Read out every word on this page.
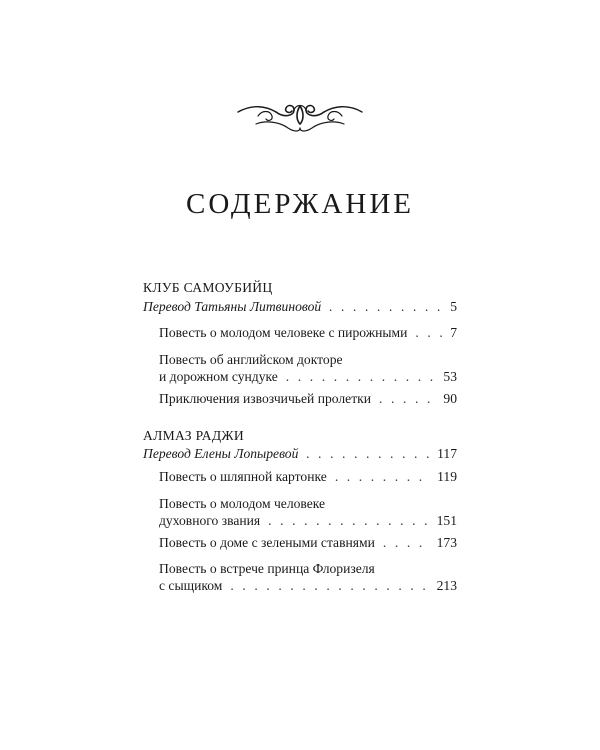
СОДЕРЖАНИЕ
КЛУБ САМОУБИЙЦ
Перевод Татьяны Литвиновой . . .	5
Повесть о молодом человеке с пирожными . . .	7
Повесть об английском докторе
и дорожном сундуке . . .	53
Приключения извозчичьей пролетки . . .	90
АЛМАЗ РАДЖИ
Перевод Елены Лопыревой . . .	117
Повесть о шляпной картонке . . .	119
Повесть о молодом человеке
духовного звания . . .	151
Повесть о доме с зелеными ставнями . . .	173
Повесть о встрече принца Флоризеля
с сыщиком . . .	213
